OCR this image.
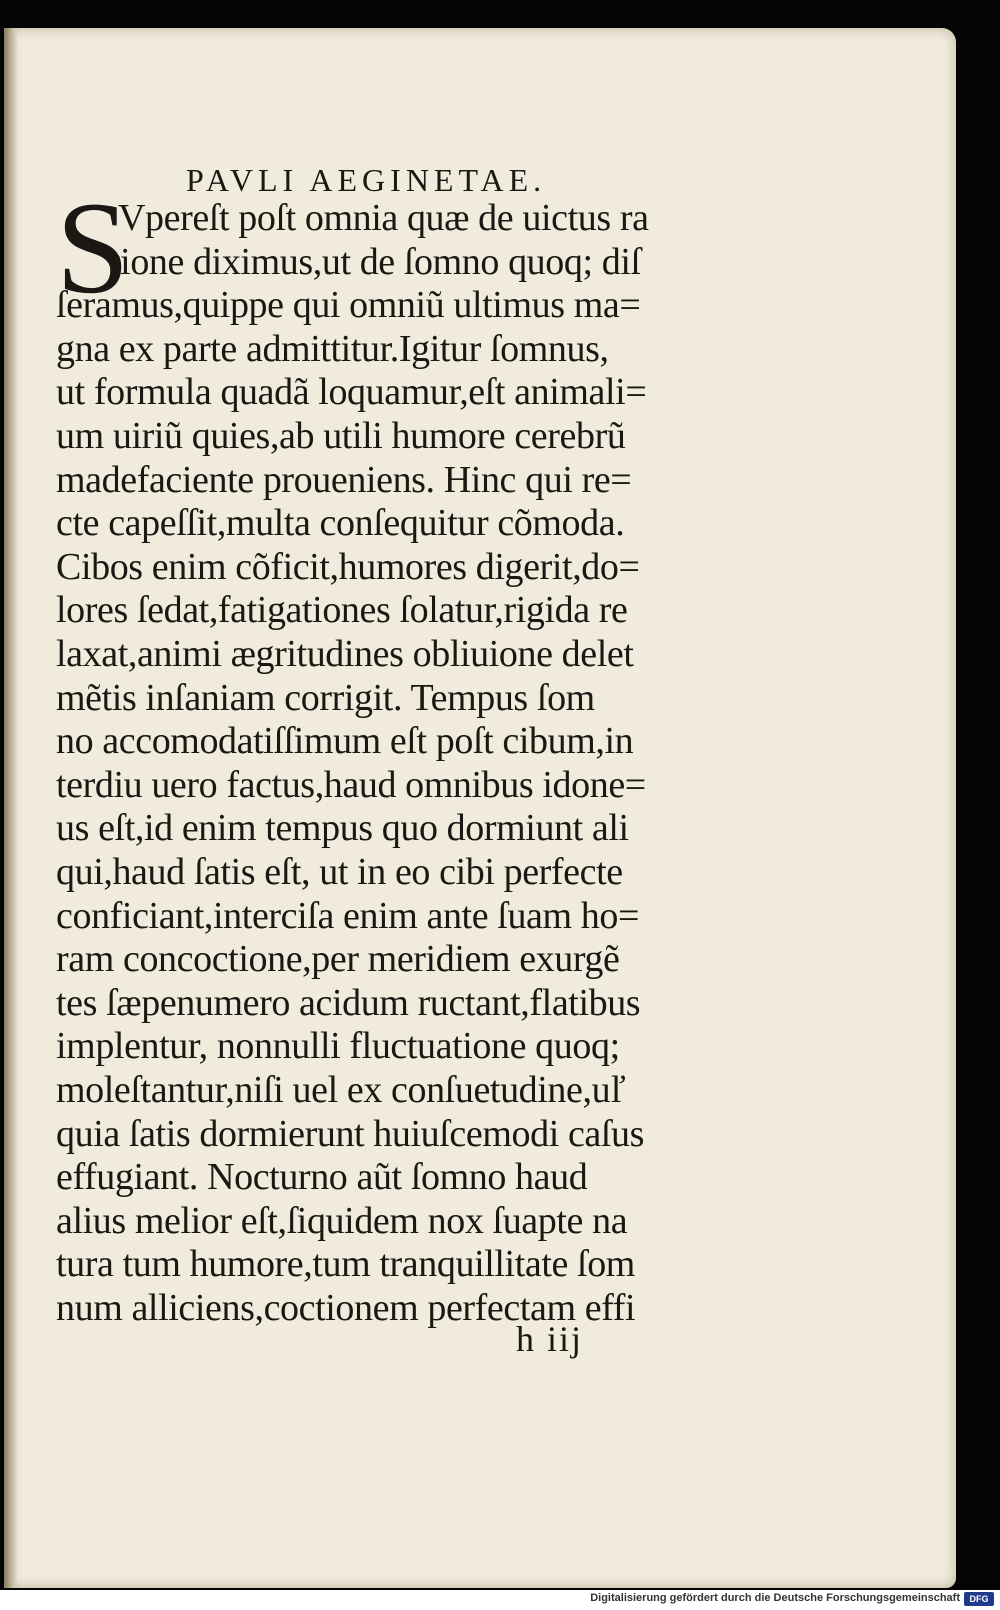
PAVLI AEGINETAE.
S
Vpereſt poſt omnia quæ de uictus ra
tione diximus,ut de ſomno quoq; diſ
ſeramus,quippe qui omniũ ultimus ma=
gna ex parte admittitur.Igitur ſomnus,
ut formula quadã loquamur,eſt animali=
um uiriũ quies,ab utili humore cerebrũ
madefaciente proueniens. Hinc qui re=
cte capeſſit,multa conſequitur cõmoda.
Cibos enim cõficit,humores digerit,do=
lores ſedat,fatigationes ſolatur,rigida re
laxat,animi ægritudines obliuione delet
mẽtis inſaniam corrigit. Tempus ſom
no accomodatiſſimum eſt poſt cibum,in
terdiu uero factus,haud omnibus idone=
us eſt,id enim tempus quo dormiunt ali
qui,haud ſatis eſt, ut in eo cibi perfecte
conficiant,interciſa enim ante ſuam ho=
ram concoctione,per meridiem exurgẽ
tes ſæpenumero acidum ructant,flatibus
implentur, nonnulli fluctuatione quoq;
moleſtantur,niſi uel ex conſuetudine,uľ
quia ſatis dormierunt huiuſcemodi caſus
effugiant. Nocturno aũt ſomno haud
alius melior eſt,ſiquidem nox ſuapte na
tura tum humore,tum tranquillitate ſom
num alliciens,coctionem perfectam effi
h iij
Digitalisierung gefördert durch die Deutsche Forschungsgemeinschaft	DFG
